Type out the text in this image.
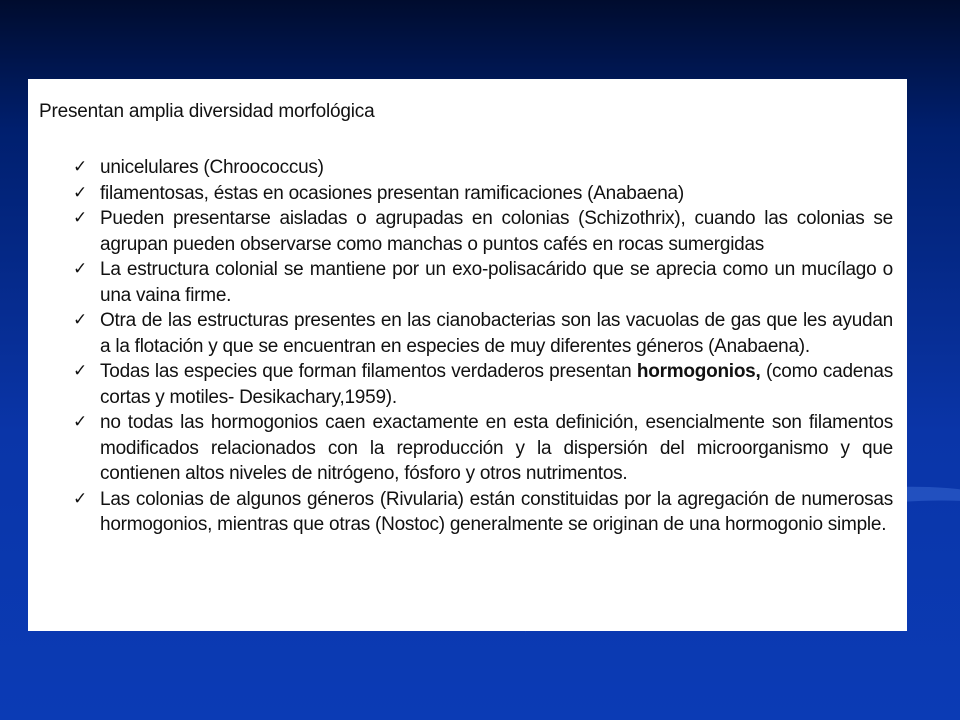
Presentan amplia diversidad morfológica
✓ unicelulares (Chroococcus)
✓ filamentosas, éstas en ocasiones presentan ramificaciones (Anabaena)
✓ Pueden presentarse aisladas o agrupadas en colonias (Schizothrix), cuando las colonias se agrupan pueden observarse como manchas o puntos cafés en rocas sumergidas
✓ La estructura colonial se mantiene por un exo-polisacárido que se aprecia como un mucílago o una vaina firme.
✓ Otra de las estructuras presentes en las cianobacterias son las vacuolas de gas que les ayudan a la flotación y que se encuentran en especies de muy diferentes géneros (Anabaena).
✓ Todas las especies que forman filamentos verdaderos presentan hormogonios, (como cadenas cortas y motiles- Desikachary,1959).
✓ no todas las hormogonios caen exactamente en esta definición, esencialmente son filamentos modificados relacionados con la reproducción y la dispersión del microorganismo y que contienen altos niveles de nitrógeno, fósforo y otros nutrimentos.
✓ Las colonias de algunos géneros (Rivularia) están constituidas por la agregación de numerosas hormogonios, mientras que otras (Nostoc) generalmente se originan de una hormogonio simple.
